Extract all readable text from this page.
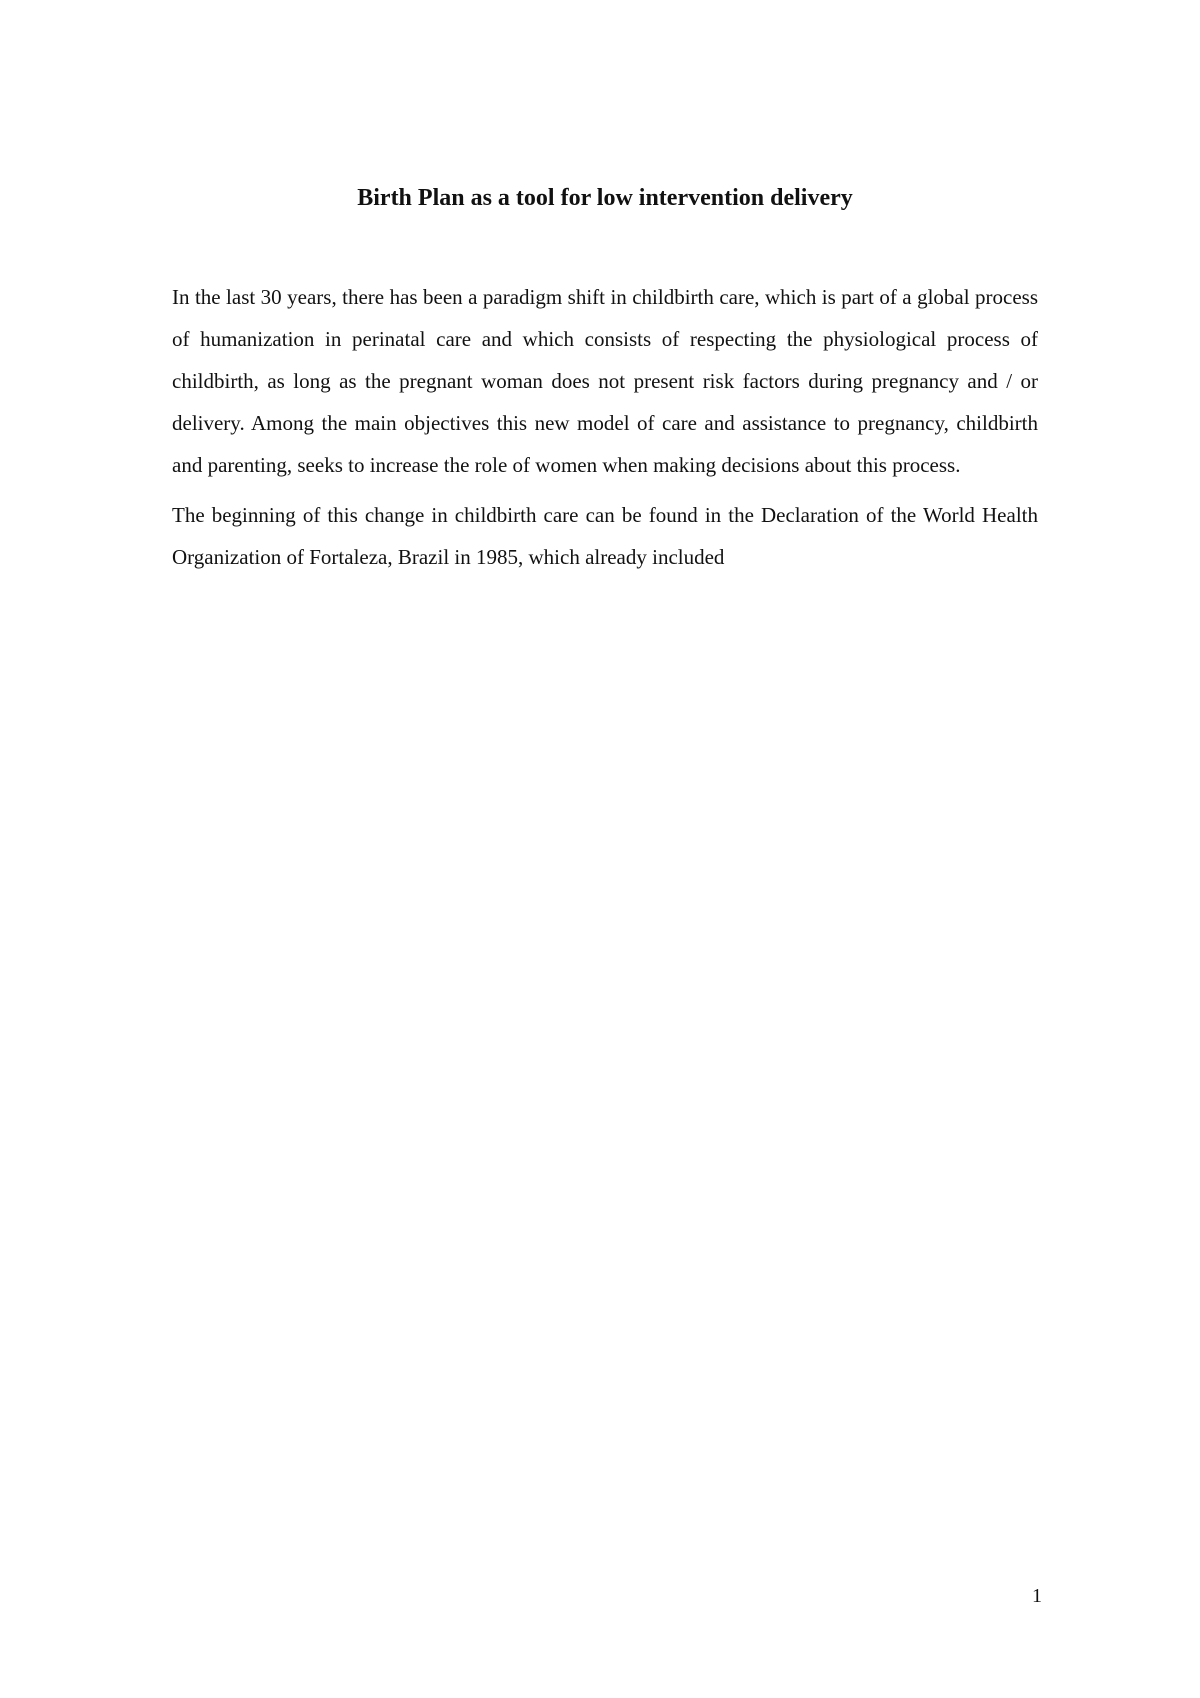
Birth Plan as a tool for low intervention delivery

In the last 30 years, there has been a paradigm shift in childbirth care, which is part of a global process of humanization in perinatal care and which consists of respecting the physiological process of childbirth, as long as the pregnant woman does not present risk factors during pregnancy and / or delivery. Among the main objectives this new model of care and assistance to pregnancy, childbirth and parenting, seeks to increase the role of women when making decisions about this process.

The beginning of this change in childbirth care can be found in the Declaration of the World Health Organization of Fortaleza, Brazil in 1985, which already included

1
